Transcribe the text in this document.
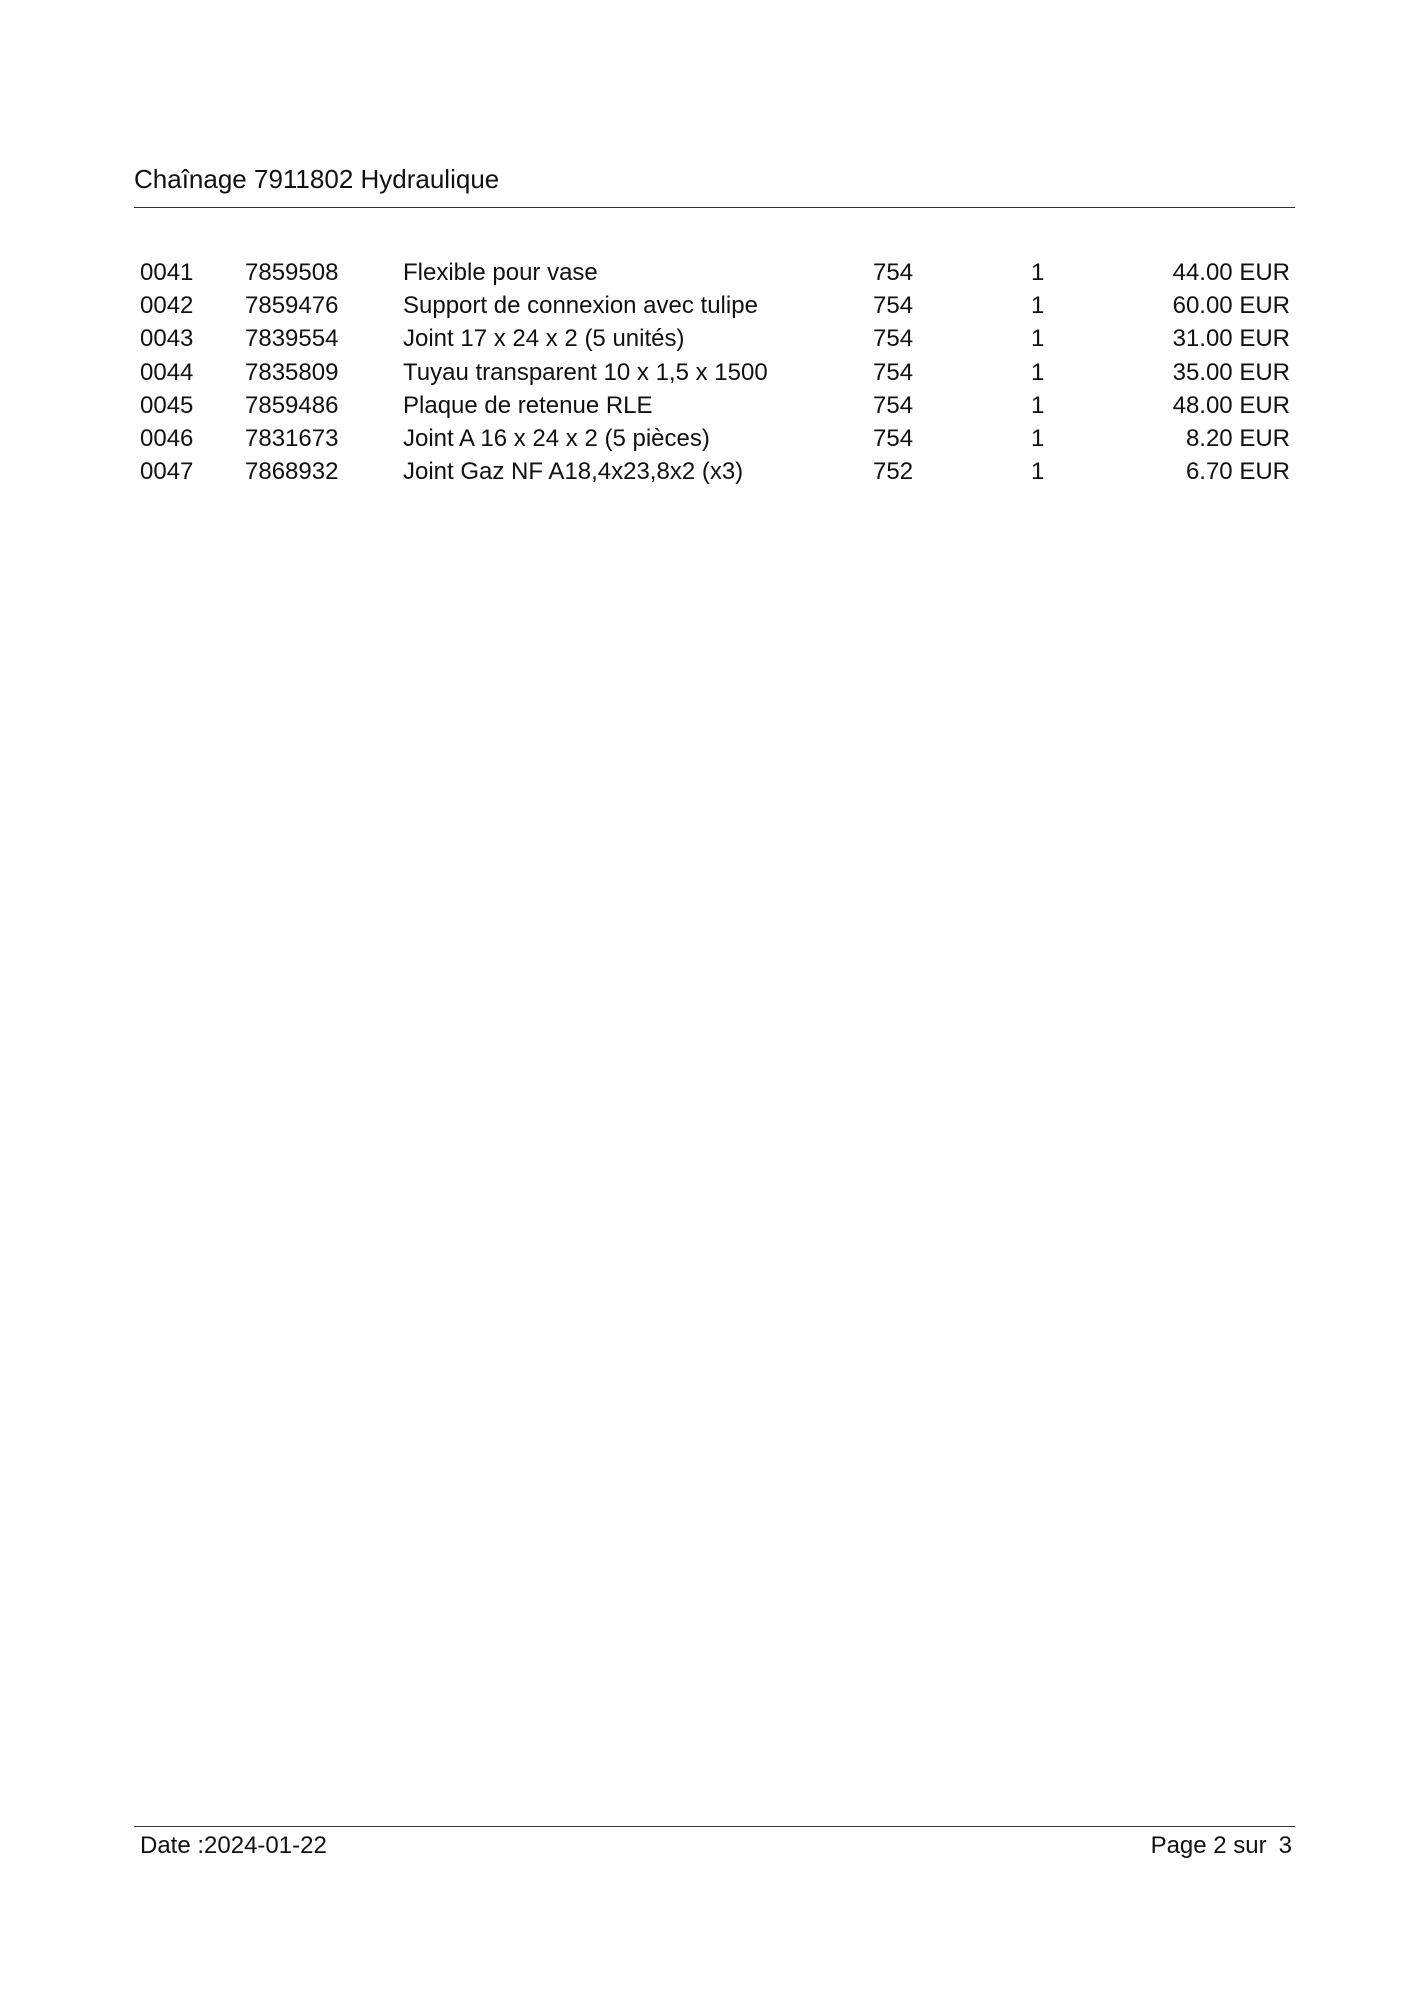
Chaînage 7911802 Hydraulique
0041	7859508	Flexible pour vase	754	1	44.00 EUR
0042	7859476	Support de connexion avec tulipe	754	1	60.00 EUR
0043	7839554	Joint 17 x 24 x 2 (5 unités)	754	1	31.00 EUR
0044	7835809	Tuyau transparent 10 x 1,5 x 1500	754	1	35.00 EUR
0045	7859486	Plaque de retenue RLE	754	1	48.00 EUR
0046	7831673	Joint A 16 x 24 x 2 (5 pièces)	754	1	8.20 EUR
0047	7868932	Joint Gaz NF A18,4x23,8x2 (x3)	752	1	6.70 EUR
Date :2024-01-22	Page 2 sur 3
